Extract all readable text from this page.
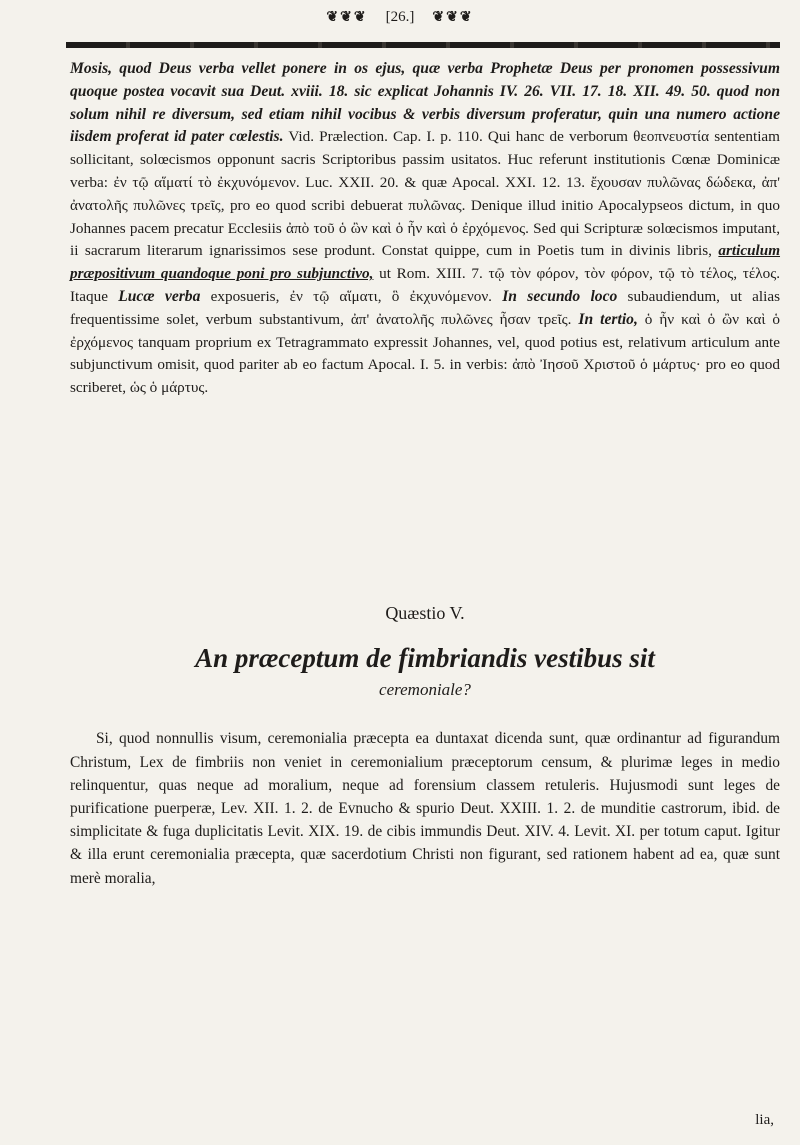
❦❦❦ [26.] ❦❦❦

Mosis, quod Deus verba vellet ponere in os ejus, quæ verba Prophetæ Deus per pronomen possessivum quoque postea vocavit sua Deut. xviii. 18. sic explicat Johannis IV. 26. VII. 17. 18. XII. 49. 50. quod non solum nihil re diversum, sed etiam nihil vocibus & verbis diversum proferatur, quin una numero actione iisdem proferat id pater cœlestis. Vid. Prælection. Cap. I. p. 110. Qui hanc de verborum θεοπνευστία sententiam sollicitant, solœcismos opponunt sacris Scriptoribus passim usitatos. Huc referunt institutionis Cœnæ Dominicæ verba: ἐν τῷ αἵματί τὸ ἐκχυνόμενον. Luc. XXII. 20. & quæ Apocal. XXI. 12. 13. ἔχουσαν πυλῶνας δώδεκα, ἀπ' ἀνατολῆς πυλῶνες τρεῖς, pro eo quod scribi debuerat πυλῶνας. Denique illud initio Apocalypseos dictum, in quo Johannes pacem precatur Ecclesiis ἀπὸ τοῦ ὁ ὢν καὶ ὁ ἦν καὶ ὁ ἐρχόμενος. Sed qui Scripturæ solœcismos imputant, ii sacrarum literarum ignarissimos sese produnt. Constat quippe, cum in Poetis tum in divinis libris, articulum præpositivum quandoque poni pro subjunctivo, ut Rom. XIII. 7. τῷ τὸν φόρον, τὸν φόρον, τῷ τὸ τέλος, τέλος. Itaque Lucæ verba exposueris, ἐν τῷ αἵματι, ὃ ἐκχυνόμενον. In secundo loco subaudiendum, ut alias frequentissime solet, verbum substantivum, ἀπ' ἀνατολῆς πυλῶνες ἦσαν τρεῖς. In tertio, ὁ ἦν καὶ ὁ ὢν καὶ ὁ ἐρχόμενος tanquam proprium ex Tetragrammato expressit Johannes, vel, quod potius est, relativum articulum ante subjunctivum omisit, quod pariter ab eo factum Apocal. I. 5. in verbis: ἀπὸ Ἰησοῦ Χριστοῦ ὁ μάρτυς· pro eo quod scriberet, ὡς ὁ μάρτυς.

Quæstio V.
An præceptum de fimbriandis vestibus sit
ceremoniale?

Si, quod nonnullis visum, ceremonialia præcepta ea duntaxat dicenda sunt, quæ ordinantur ad figurandum Christum, Lex de fimbriis non veniet in ceremonialium præceptorum censum, & plurimæ leges in medio relinquentur, quas neque ad moralium, neque ad forensium classem retuleris. Hujusmodi sunt leges de purificatione puerperæ, Lev. XII. 1. 2. de Evnucho & spurio Deut. XXIII. 1. 2. de munditie castrorum, ibid. de simplicitate & fuga duplicitatis Levit. XIX. 19. de cibis immundis Deut. XIV. 4. Levit. XI. per totum caput. Igitur & illa erunt ceremonialia præcepta, quæ sacerdotium Christi non figurant, sed rationem habent ad ea, quæ sunt merè moralia,

lia,
